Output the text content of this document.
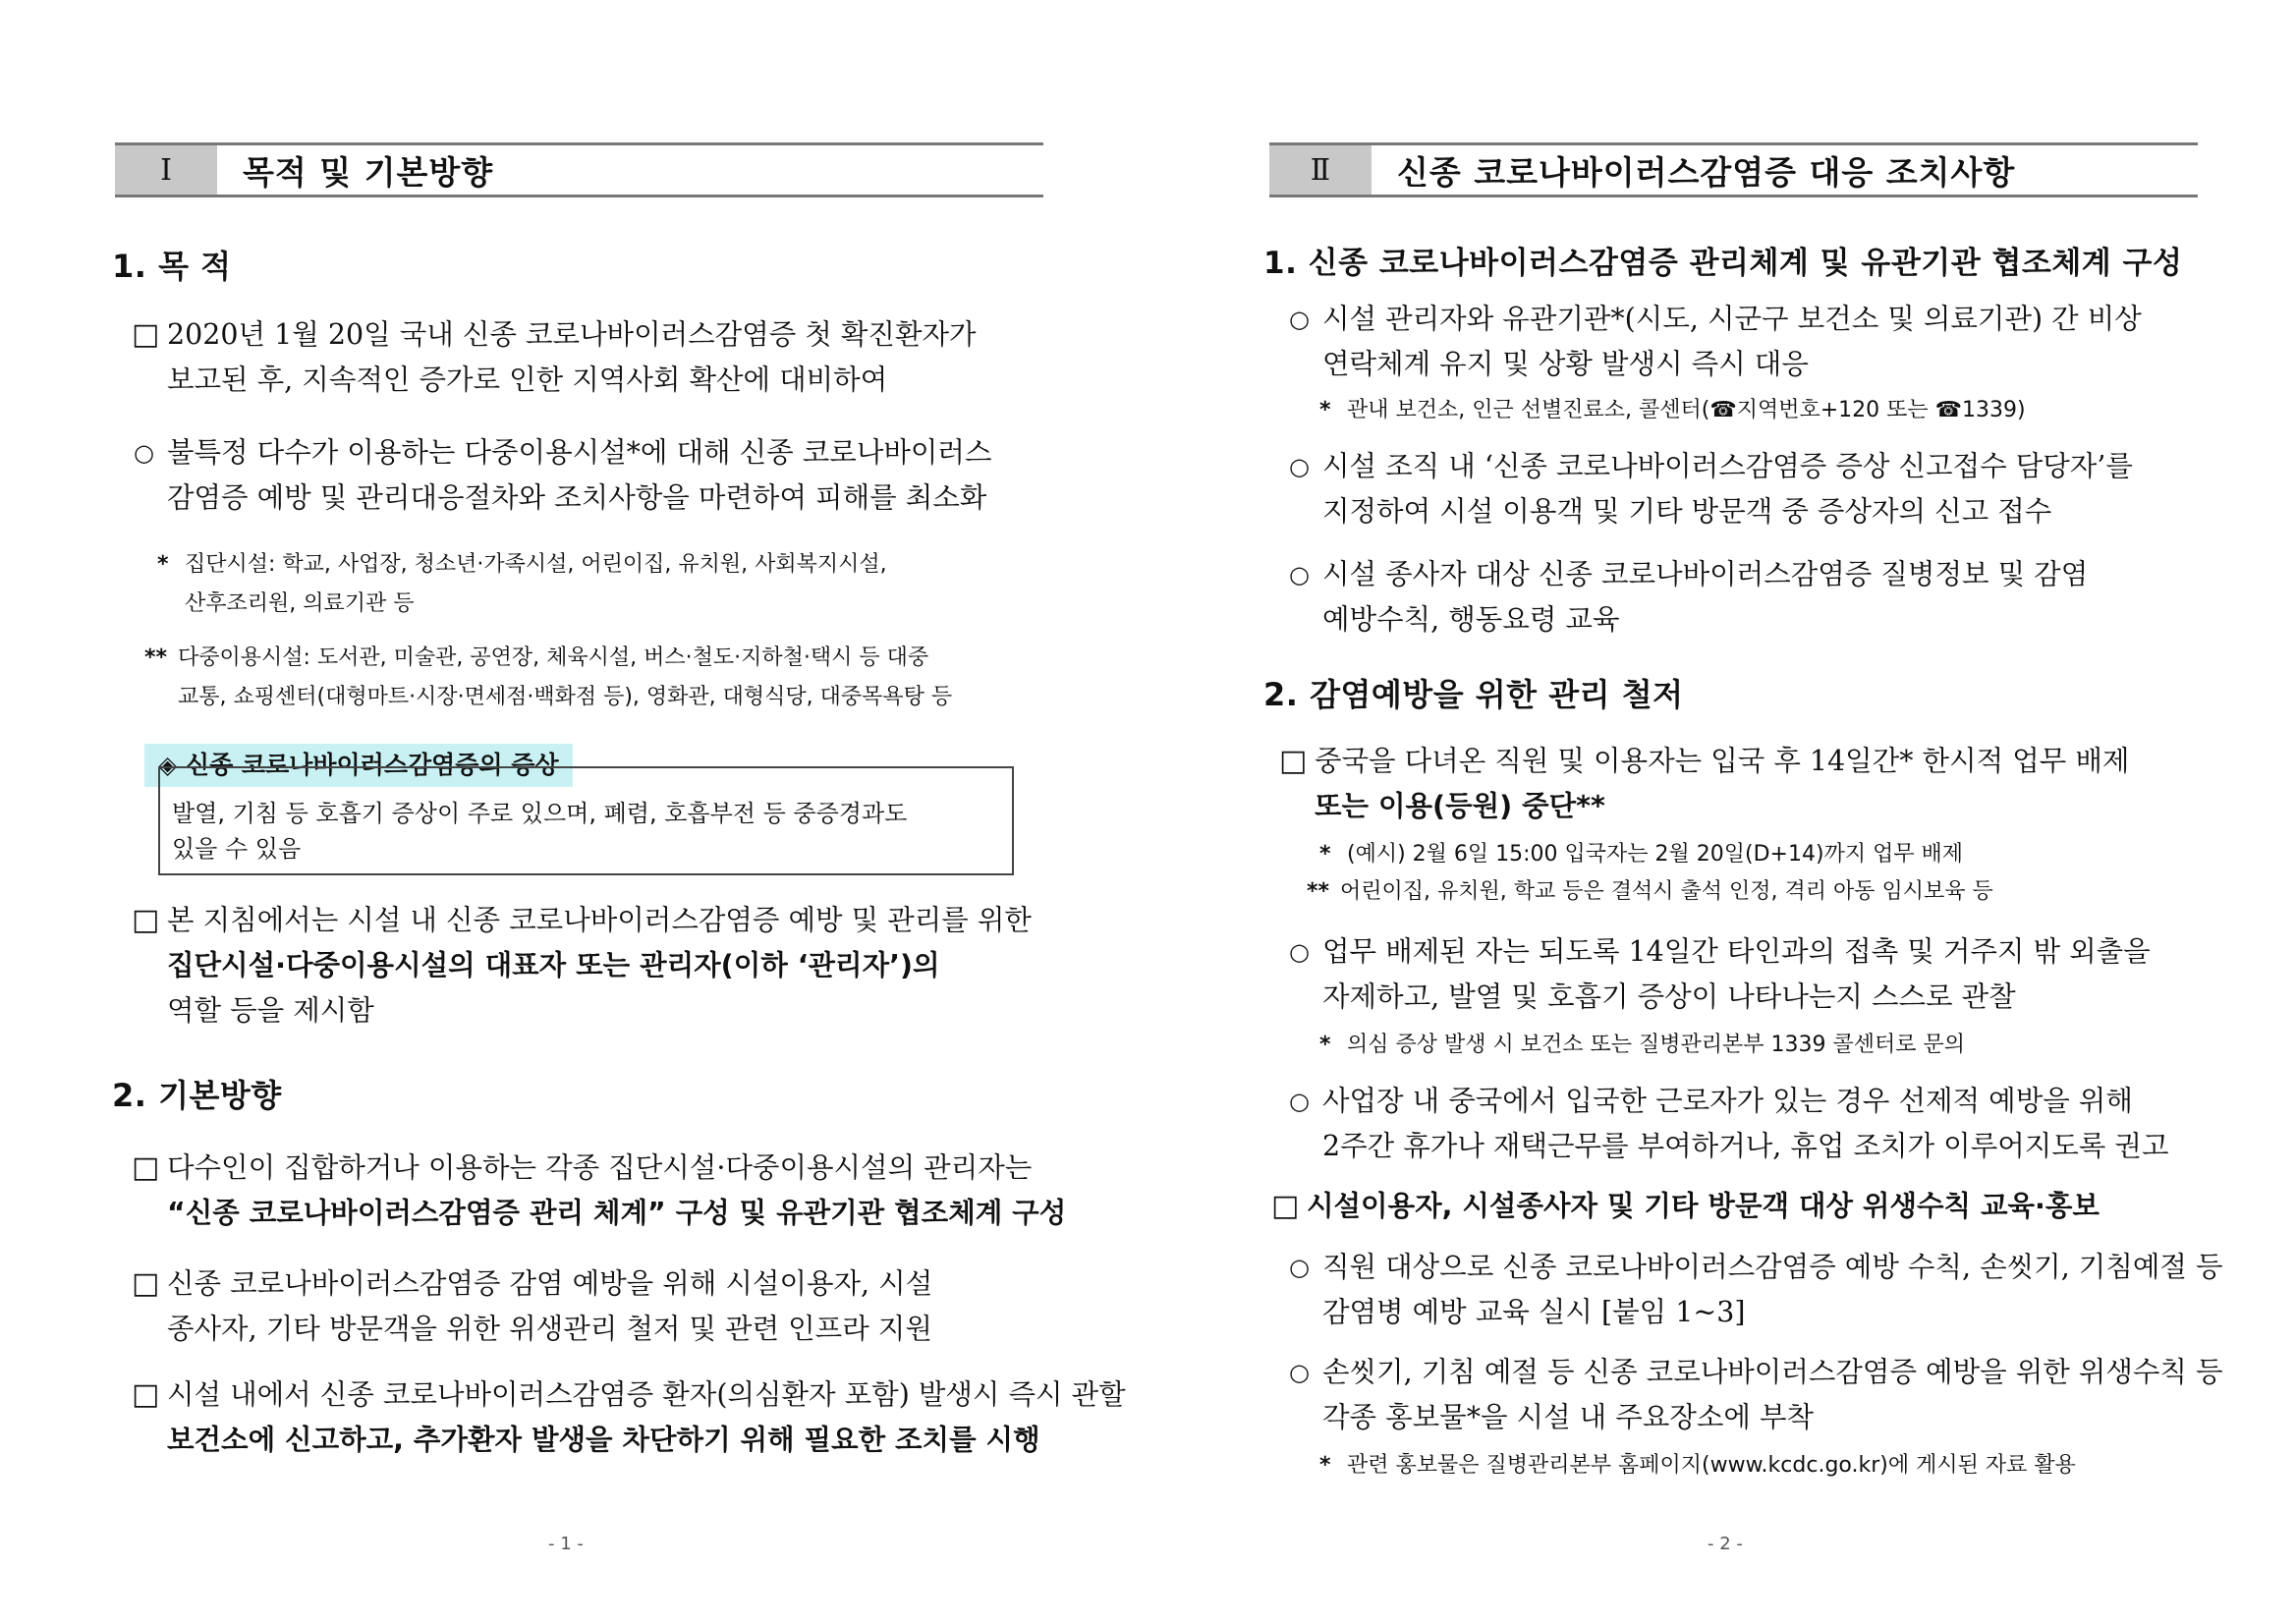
Ⅰ	목적 및 기본방향
1. 목 적
□ 2020년 1월 20일 국내 신종 코로나바이러스감염증 첫 확진환자가
보고된 후, 지속적인 증가로 인한 지역사회 확산에 대비하여
○ 불특정 다수가 이용하는 다중이용시설*에 대해 신종 코로나바이러스
감염증 예방 및 관리대응절차와 조치사항을 마련하여 피해를 최소화
* 집단시설: 학교, 사업장, 청소년·가족시설, 어린이집, 유치원, 사회복지시설,
산후조리원, 의료기관 등
** 다중이용시설: 도서관, 미술관, 공연장, 체육시설, 버스·철도·지하철·택시 등 대중
교통, 쇼핑센터(대형마트·시장·면세점·백화점 등), 영화관, 대형식당, 대중목욕탕 등
◈ 신종 코로나바이러스감염증의 증상
발열, 기침 등 호흡기 증상이 주로 있으며, 폐렴, 호흡부전 등 중증경과도
있을 수 있음
□ 본 지침에서는 시설 내 신종 코로나바이러스감염증 예방 및 관리를 위한
집단시설·다중이용시설의 대표자 또는 관리자(이하 ‘관리자’)의
역할 등을 제시함
2. 기본방향
□ 다수인이 집합하거나 이용하는 각종 집단시설·다중이용시설의 관리자는
“신종 코로나바이러스감염증 관리 체계” 구성 및 유관기관 협조체계 구성
□ 신종 코로나바이러스감염증 감염 예방을 위해 시설이용자, 시설
종사자, 기타 방문객을 위한 위생관리 철저 및 관련 인프라 지원
□ 시설 내에서 신종 코로나바이러스감염증 환자(의심환자 포함) 발생시 즉시 관할
보건소에 신고하고, 추가환자 발생을 차단하기 위해 필요한 조치를 시행
- 1 -
Ⅱ	신종 코로나바이러스감염증 대응 조치사항
1. 신종 코로나바이러스감염증 관리체계 및 유관기관 협조체계 구성
○ 시설 관리자와 유관기관*(시도, 시군구 보건소 및 의료기관) 간 비상
연락체계 유지 및 상황 발생시 즉시 대응
* 관내 보건소, 인근 선별진료소, 콜센터(☎지역번호+120 또는 ☎1339)
○ 시설 조직 내 ‘신종 코로나바이러스감염증 증상 신고접수 담당자’를
지정하여 시설 이용객 및 기타 방문객 중 증상자의 신고 접수
○ 시설 종사자 대상 신종 코로나바이러스감염증 질병정보 및 감염
예방수칙, 행동요령 교육
2. 감염예방을 위한 관리 철저
□ 중국을 다녀온 직원 및 이용자는 입국 후 14일간* 한시적 업무 배제
또는 이용(등원) 중단**
* (예시) 2월 6일 15:00 입국자는 2월 20일(D+14)까지 업무 배제
** 어린이집, 유치원, 학교 등은 결석시 출석 인정, 격리 아동 임시보육 등
○ 업무 배제된 자는 되도록 14일간 타인과의 접촉 및 거주지 밖 외출을
자제하고, 발열 및 호흡기 증상이 나타나는지 스스로 관찰
* 의심 증상 발생 시 보건소 또는 질병관리본부 1339 콜센터로 문의
○ 사업장 내 중국에서 입국한 근로자가 있는 경우 선제적 예방을 위해
2주간 휴가나 재택근무를 부여하거나, 휴업 조치가 이루어지도록 권고
□ 시설이용자, 시설종사자 및 기타 방문객 대상 위생수칙 교육·홍보
○ 직원 대상으로 신종 코로나바이러스감염증 예방 수칙, 손씻기, 기침예절 등
감염병 예방 교육 실시 [붙임 1~3]
○ 손씻기, 기침 예절 등 신종 코로나바이러스감염증 예방을 위한 위생수칙 등
각종 홍보물*을 시설 내 주요장소에 부착
* 관련 홍보물은 질병관리본부 홈페이지(www.kcdc.go.kr)에 게시된 자료 활용
- 2 -
